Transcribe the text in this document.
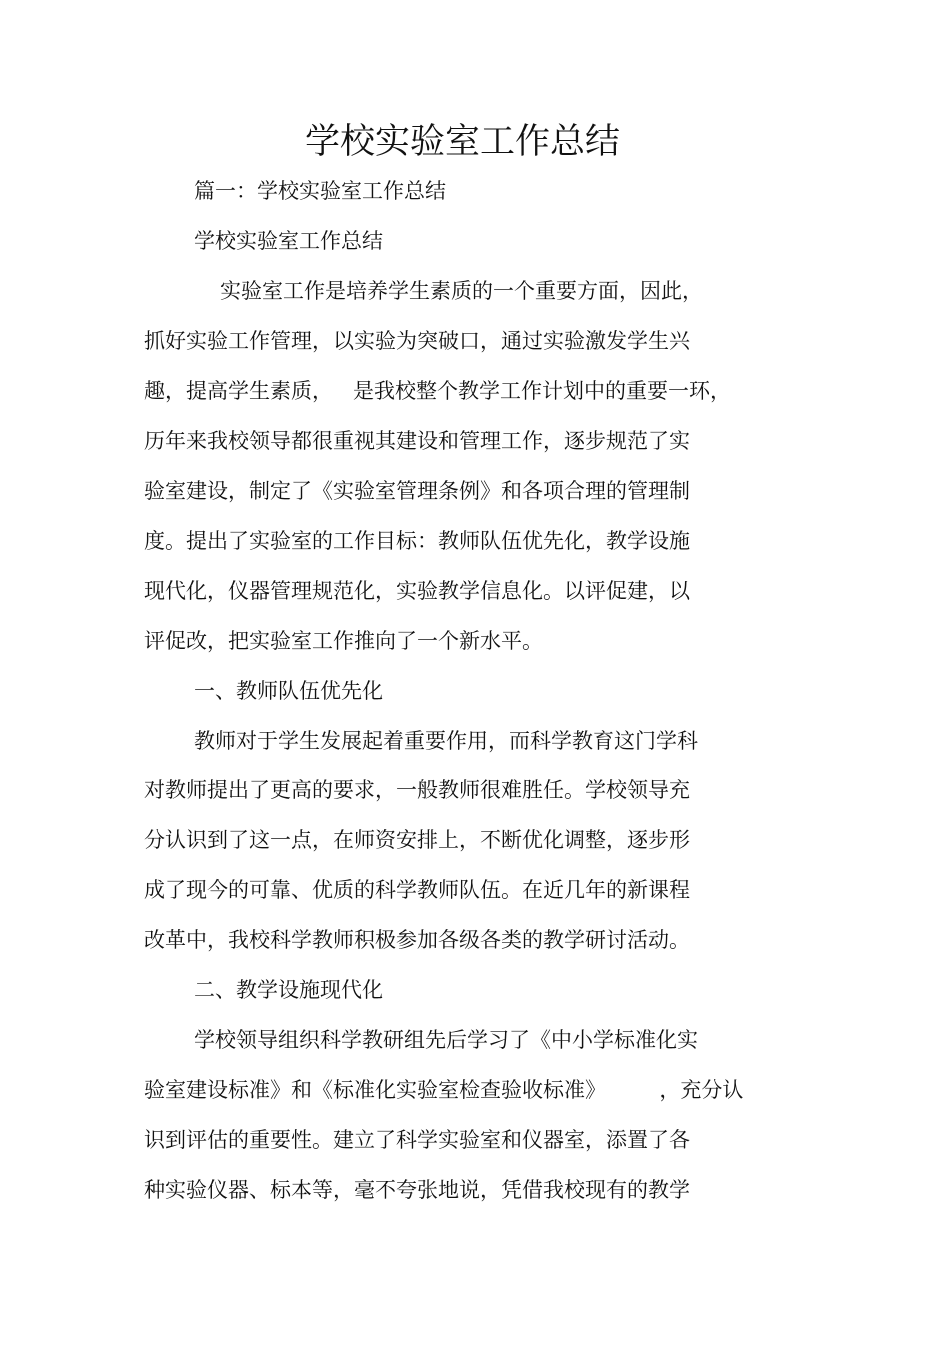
学校实验室工作总结
篇一：学校实验室工作总结
学校实验室工作总结
实验室工作是培养学生素质的一个重要方面，因此，
抓好实验工作管理，以实验为突破口，通过实验激发学生兴
趣，提高学生素质，   是我校整个教学工作计划中的重要一环，
历年来我校领导都很重视其建设和管理工作，逐步规范了实
验室建设，制定了《实验室管理条例》和各项合理的管理制
度。提出了实验室的工作目标：教师队伍优先化，教学设施
现代化，仪器管理规范化，实验教学信息化。以评促建，以
评促改，把实验室工作推向了一个新水平。
一、教师队伍优先化
教师对于学生发展起着重要作用，而科学教育这门学科
对教师提出了更高的要求，一般教师很难胜任。学校领导充
分认识到了这一点，在师资安排上，不断优化调整，逐步形
成了现今的可靠、优质的科学教师队伍。在近几年的新课程
改革中，我校科学教师积极参加各级各类的教学研讨活动。
二、教学设施现代化
学校领导组织科学教研组先后学习了《中小学标准化实
验室建设标准》和《标准化实验室检查验收标准》        ，充分认
识到评估的重要性。建立了科学实验室和仪器室，添置了各
种实验仪器、标本等，毫不夸张地说，凭借我校现有的教学
